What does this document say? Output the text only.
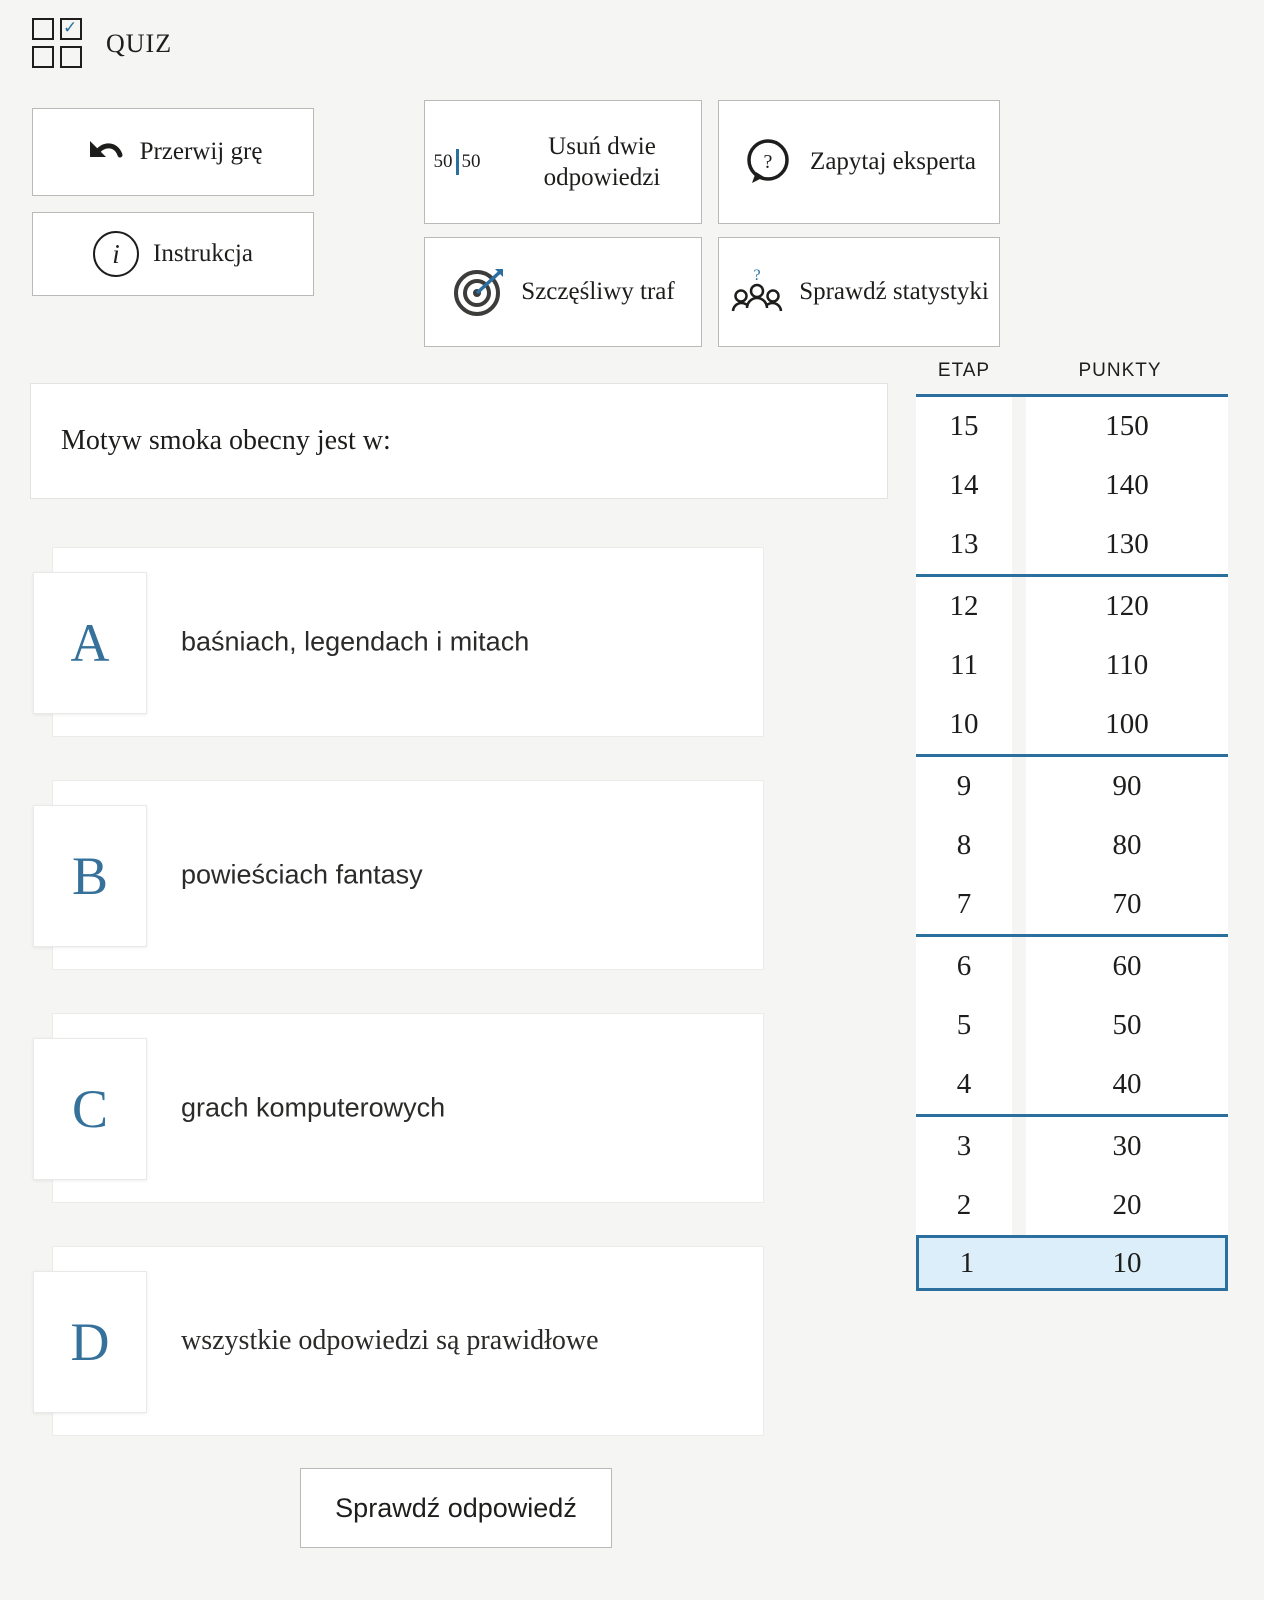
✓
QUIZ
Przerwij grę
i	Instrukcja
50 50
Usuń dwie odpowiedzi
? Zapytaj eksperta
Szczęśliwy traf
?
Sprawdź statystyki
Motyw smoka obecny jest w:
A	baśniach, legendach i mitach
B	powieściach fantasy
C	grach komputerowych
D	wszystkie odpowiedzi są prawidłowe
Sprawdź odpowiedź
ETAP	PUNKTY
15	150
14	140
13	130
12	120
11	110
10	100
9	90
8	80
7	70
6	60
5	50
4	40
3	30
2	20
1	10
